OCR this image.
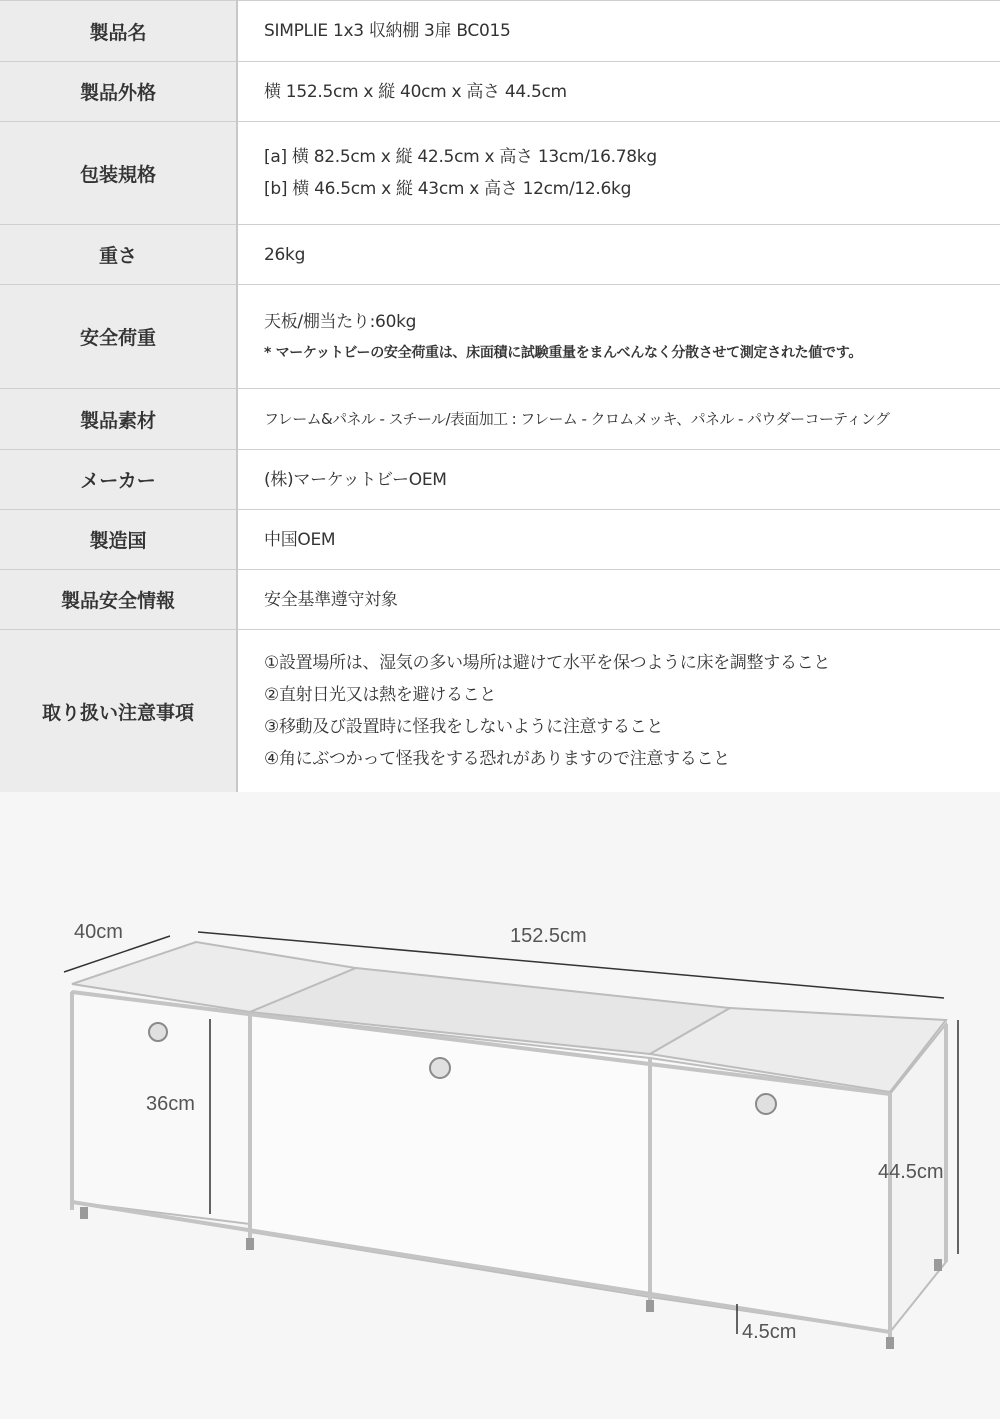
製品名	SIMPLIE 1x3 収納棚 3扉 BC015

製品外格	横 152.5cm x 縦 40cm x 高さ 44.5cm

包装規格	[a] 横 82.5cm x 縦 42.5cm x 高さ 13cm/16.78kg
[b] 横 46.5cm x 縦 43cm x 高さ 12cm/12.6kg

重さ	26kg

安全荷重	天板/棚当たり:60kg
* マーケットビーの安全荷重は、床面積に試験重量をまんべんなく分散させて測定された値です。

製品素材	フレーム&パネル - スチール/表面加工 : フレーム - クロムメッキ、パネル - パウダーコーティング

メーカー	(株)マーケットビーOEM

製造国	中国OEM

製品安全情報	安全基準遵守対象

取り扱い注意事項	①設置場所は、湿気の多い場所は避けて水平を保つように床を調整すること
②直射日光又は熱を避けること
③移動及び設置時に怪我をしないように注意すること
④角にぶつかって怪我をする恐れがありますので注意すること
40cm	152.5cm
36cm
44.5cm
4.5cm
